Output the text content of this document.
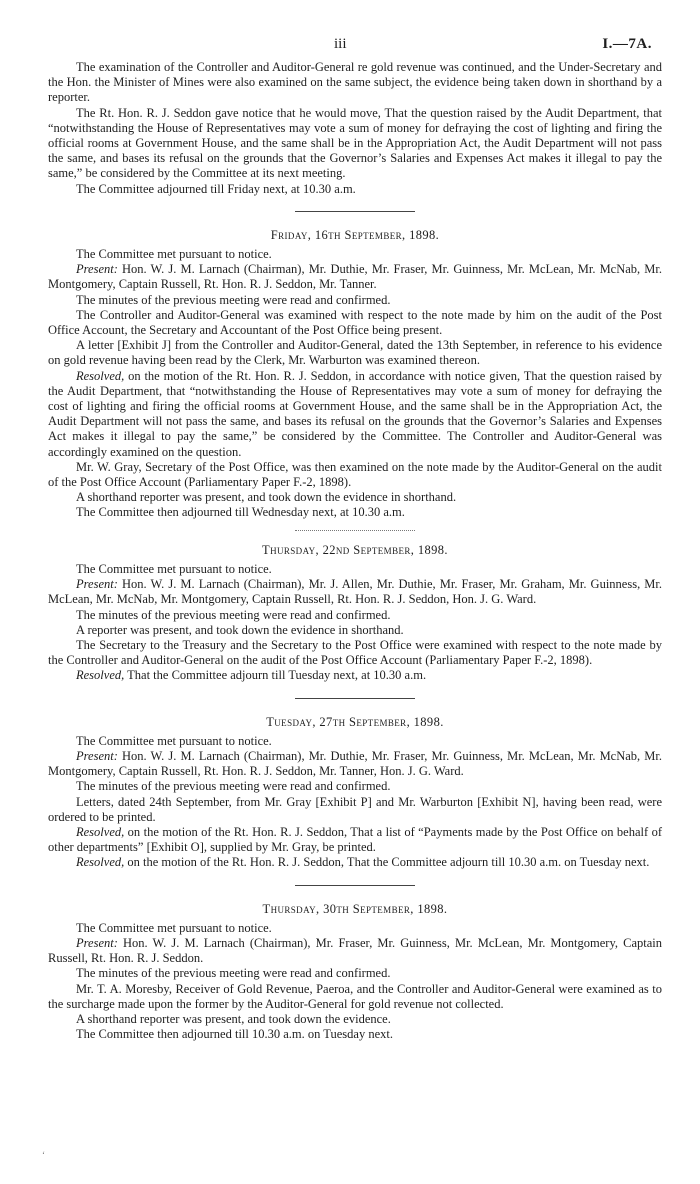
iii	I.—7A.

The examination of the Controller and Auditor-General re gold revenue was continued, and the Under-Secretary and the Hon. the Minister of Mines were also examined on the same subject, the evidence being taken down in shorthand by a reporter.

The Rt. Hon. R. J. Seddon gave notice that he would move, That the question raised by the Audit Department, that “notwithstanding the House of Representatives may vote a sum of money for defraying the cost of lighting and firing the official rooms at Government House, and the same shall be in the Appropriation Act, the Audit Department will not pass the same, and bases its refusal on the grounds that the Governor’s Salaries and Expenses Act makes it illegal to pay the same,” be considered by the Committee at its next meeting.

The Committee adjourned till Friday next, at 10.30 a.m.

Friday, 16th September, 1898.

The Committee met pursuant to notice.

Present: Hon. W. J. M. Larnach (Chairman), Mr. Duthie, Mr. Fraser, Mr. Guinness, Mr. McLean, Mr. McNab, Mr. Montgomery, Captain Russell, Rt. Hon. R. J. Seddon, Mr. Tanner.

The minutes of the previous meeting were read and confirmed.

The Controller and Auditor-General was examined with respect to the note made by him on the audit of the Post Office Account, the Secretary and Accountant of the Post Office being present.

A letter [Exhibit J] from the Controller and Auditor-General, dated the 13th September, in reference to his evidence on gold revenue having been read by the Clerk, Mr. Warburton was examined thereon.

Resolved, on the motion of the Rt. Hon. R. J. Seddon, in accordance with notice given, That the question raised by the Audit Department, that “notwithstanding the House of Representatives may vote a sum of money for defraying the cost of lighting and firing the official rooms at Government House, and the same shall be in the Appropriation Act, the Audit Department will not pass the same, and bases its refusal on the grounds that the Governor’s Salaries and Expenses Act makes it illegal to pay the same,” be considered by the Committee. The Controller and Auditor-General was accordingly examined on the question.

Mr. W. Gray, Secretary of the Post Office, was then examined on the note made by the Auditor-General on the audit of the Post Office Account (Parliamentary Paper F.-2, 1898).

A shorthand reporter was present, and took down the evidence in shorthand.

The Committee then adjourned till Wednesday next, at 10.30 a.m.

Thursday, 22nd September, 1898.

The Committee met pursuant to notice.

Present: Hon. W. J. M. Larnach (Chairman), Mr. J. Allen, Mr. Duthie, Mr. Fraser, Mr. Graham, Mr. Guinness, Mr. McLean, Mr. McNab, Mr. Montgomery, Captain Russell, Rt. Hon. R. J. Seddon, Hon. J. G. Ward.

The minutes of the previous meeting were read and confirmed.

A reporter was present, and took down the evidence in shorthand.

The Secretary to the Treasury and the Secretary to the Post Office were examined with respect to the note made by the Controller and Auditor-General on the audit of the Post Office Account (Parliamentary Paper F.-2, 1898).

Resolved, That the Committee adjourn till Tuesday next, at 10.30 a.m.

Tuesday, 27th September, 1898.

The Committee met pursuant to notice.

Present: Hon. W. J. M. Larnach (Chairman), Mr. Duthie, Mr. Fraser, Mr. Guinness, Mr. McLean, Mr. McNab, Mr. Montgomery, Captain Russell, Rt. Hon. R. J. Seddon, Mr. Tanner, Hon. J. G. Ward.

The minutes of the previous meeting were read and confirmed.

Letters, dated 24th September, from Mr. Gray [Exhibit P] and Mr. Warburton [Exhibit N], having been read, were ordered to be printed.

Resolved, on the motion of the Rt. Hon. R. J. Seddon, That a list of “Payments made by the Post Office on behalf of other departments” [Exhibit O], supplied by Mr. Gray, be printed.

Resolved, on the motion of the Rt. Hon. R. J. Seddon, That the Committee adjourn till 10.30 a.m. on Tuesday next.

Thursday, 30th September, 1898.

The Committee met pursuant to notice.

Present: Hon. W. J. M. Larnach (Chairman), Mr. Fraser, Mr. Guinness, Mr. McLean, Mr. Montgomery, Captain Russell, Rt. Hon. R. J. Seddon.

The minutes of the previous meeting were read and confirmed.

Mr. T. A. Moresby, Receiver of Gold Revenue, Paeroa, and the Controller and Auditor-General were examined as to the surcharge made upon the former by the Auditor-General for gold revenue not collected.

A shorthand reporter was present, and took down the evidence.

The Committee then adjourned till 10.30 a.m. on Tuesday next.

‘
